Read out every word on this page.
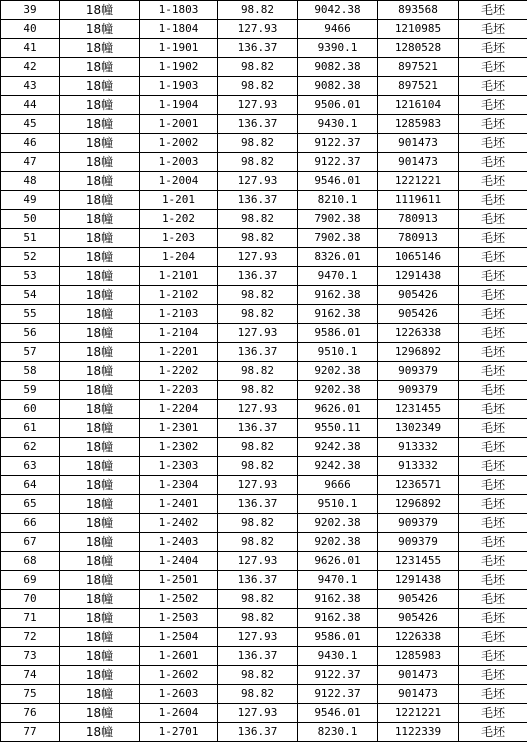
39	18幢	1-1803	98.82	9042.38	893568	毛坯
40	18幢	1-1804	127.93	9466	1210985	毛坯
41	18幢	1-1901	136.37	9390.1	1280528	毛坯
42	18幢	1-1902	98.82	9082.38	897521	毛坯
43	18幢	1-1903	98.82	9082.38	897521	毛坯
44	18幢	1-1904	127.93	9506.01	1216104	毛坯
45	18幢	1-2001	136.37	9430.1	1285983	毛坯
46	18幢	1-2002	98.82	9122.37	901473	毛坯
47	18幢	1-2003	98.82	9122.37	901473	毛坯
48	18幢	1-2004	127.93	9546.01	1221221	毛坯
49	18幢	1-201	136.37	8210.1	1119611	毛坯
50	18幢	1-202	98.82	7902.38	780913	毛坯
51	18幢	1-203	98.82	7902.38	780913	毛坯
52	18幢	1-204	127.93	8326.01	1065146	毛坯
53	18幢	1-2101	136.37	9470.1	1291438	毛坯
54	18幢	1-2102	98.82	9162.38	905426	毛坯
55	18幢	1-2103	98.82	9162.38	905426	毛坯
56	18幢	1-2104	127.93	9586.01	1226338	毛坯
57	18幢	1-2201	136.37	9510.1	1296892	毛坯
58	18幢	1-2202	98.82	9202.38	909379	毛坯
59	18幢	1-2203	98.82	9202.38	909379	毛坯
60	18幢	1-2204	127.93	9626.01	1231455	毛坯
61	18幢	1-2301	136.37	9550.11	1302349	毛坯
62	18幢	1-2302	98.82	9242.38	913332	毛坯
63	18幢	1-2303	98.82	9242.38	913332	毛坯
64	18幢	1-2304	127.93	9666	1236571	毛坯
65	18幢	1-2401	136.37	9510.1	1296892	毛坯
66	18幢	1-2402	98.82	9202.38	909379	毛坯
67	18幢	1-2403	98.82	9202.38	909379	毛坯
68	18幢	1-2404	127.93	9626.01	1231455	毛坯
69	18幢	1-2501	136.37	9470.1	1291438	毛坯
70	18幢	1-2502	98.82	9162.38	905426	毛坯
71	18幢	1-2503	98.82	9162.38	905426	毛坯
72	18幢	1-2504	127.93	9586.01	1226338	毛坯
73	18幢	1-2601	136.37	9430.1	1285983	毛坯
74	18幢	1-2602	98.82	9122.37	901473	毛坯
75	18幢	1-2603	98.82	9122.37	901473	毛坯
76	18幢	1-2604	127.93	9546.01	1221221	毛坯
77	18幢	1-2701	136.37	8230.1	1122339	毛坯
